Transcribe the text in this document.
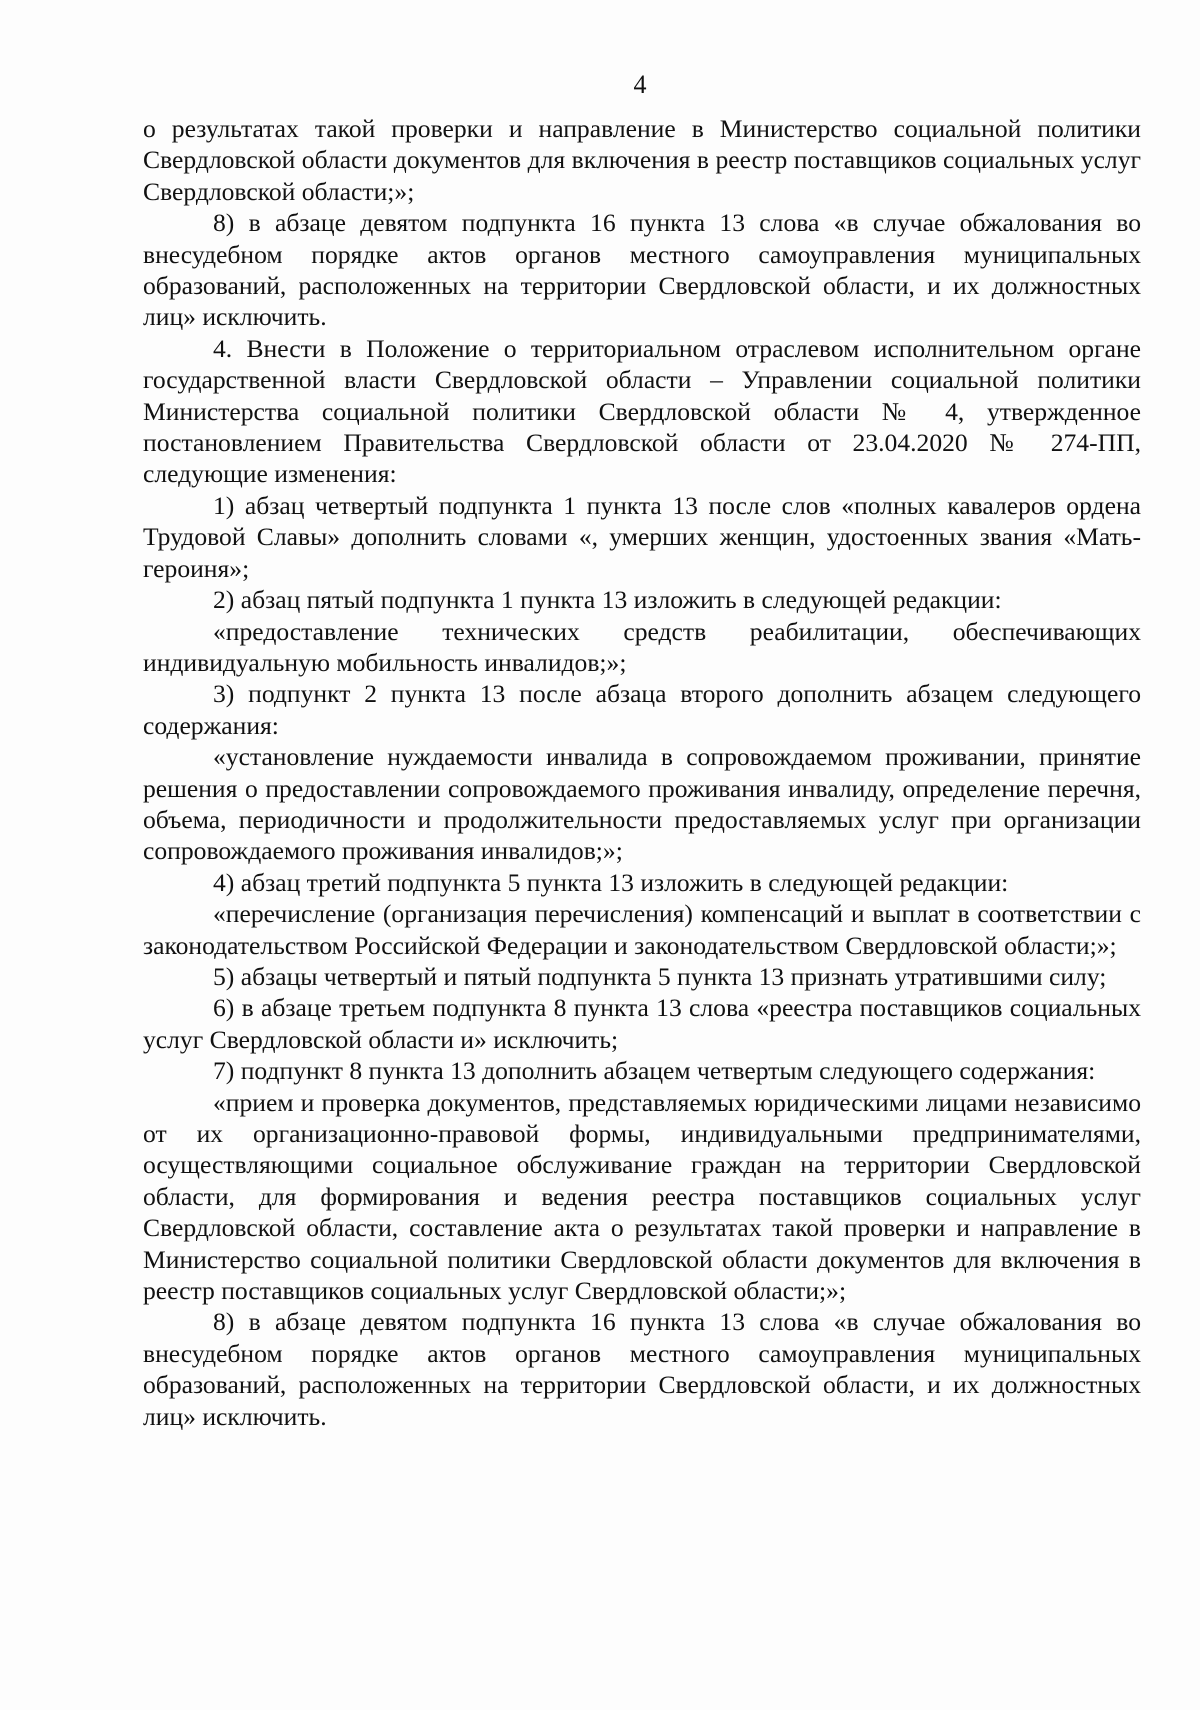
4

о результатах такой проверки и направление в Министерство социальной политики Свердловской области документов для включения в реестр поставщиков социальных услуг Свердловской области;»;

8) в абзаце девятом подпункта 16 пункта 13 слова «в случае обжалования во внесудебном порядке актов органов местного самоуправления муниципальных образований, расположенных на территории Свердловской области, и их должностных лиц» исключить.

4. Внести в Положение о территориальном отраслевом исполнительном органе государственной власти Свердловской области – Управлении социальной политики Министерства социальной политики Свердловской области № 4, утвержденное постановлением Правительства Свердловской области от 23.04.2020 № 274-ПП, следующие изменения:

1) абзац четвертый подпункта 1 пункта 13 после слов «полных кавалеров ордена Трудовой Славы» дополнить словами «, умерших женщин, удостоенных звания «Мать-героиня»;

2) абзац пятый подпункта 1 пункта 13 изложить в следующей редакции:

«предоставление технических средств реабилитации, обеспечивающих индивидуальную мобильность инвалидов;»;

3) подпункт 2 пункта 13 после абзаца второго дополнить абзацем следующего содержания:

«установление нуждаемости инвалида в сопровождаемом проживании, принятие решения о предоставлении сопровождаемого проживания инвалиду, определение перечня, объема, периодичности и продолжительности предоставляемых услуг при организации сопровождаемого проживания инвалидов;»;

4) абзац третий подпункта 5 пункта 13 изложить в следующей редакции:

«перечисление (организация перечисления) компенсаций и выплат в соответствии с законодательством Российской Федерации и законодательством Свердловской области;»;

5) абзацы четвертый и пятый подпункта 5 пункта 13 признать утратившими силу;

6) в абзаце третьем подпункта 8 пункта 13 слова «реестра поставщиков социальных услуг Свердловской области и» исключить;

7) подпункт 8 пункта 13 дополнить абзацем четвертым следующего содержания:

«прием и проверка документов, представляемых юридическими лицами независимо от их организационно-правовой формы, индивидуальными предпринимателями, осуществляющими социальное обслуживание граждан на территории Свердловской области, для формирования и ведения реестра поставщиков социальных услуг Свердловской области, составление акта о результатах такой проверки и направление в Министерство социальной политики Свердловской области документов для включения в реестр поставщиков социальных услуг Свердловской области;»;

8) в абзаце девятом подпункта 16 пункта 13 слова «в случае обжалования во внесудебном порядке актов органов местного самоуправления муниципальных образований, расположенных на территории Свердловской области, и их должностных лиц» исключить.
